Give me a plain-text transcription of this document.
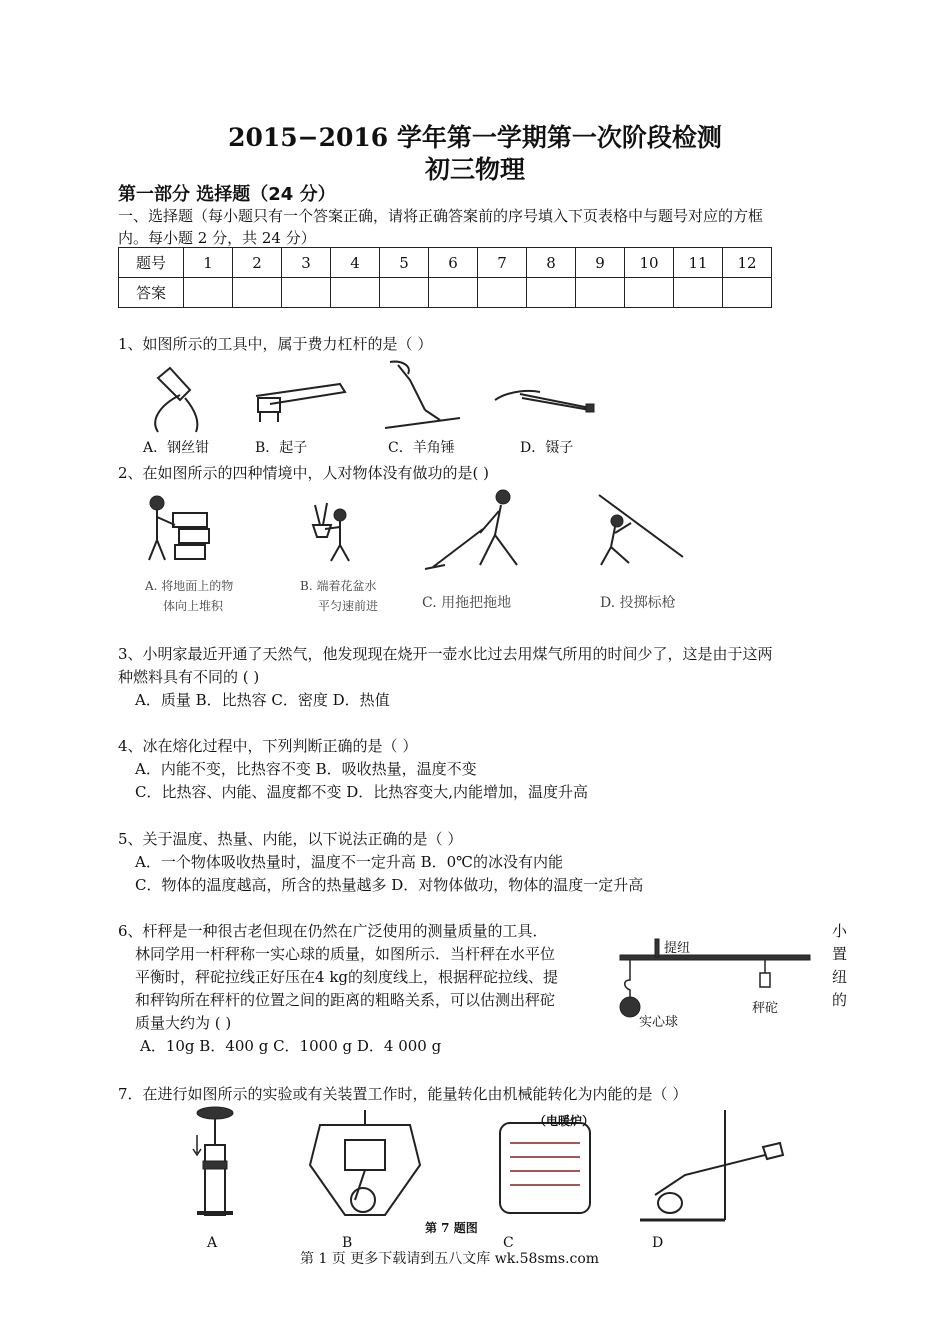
2015−2016 学年第一学期第一次阶段检测
初三物理
第一部分 选择题（24 分）
一、选择题（每小题只有一个答案正确，请将正确答案前的序号填入下页表格中与题号对应的方框
内。每小题 2 分，共 24 分）
题号	1	2	3	4	5	6	7	8	9	10	11	12
答案												
1、如图所示的工具中，属于费力杠杆的是（ ）
A．钢丝钳	B．起子	C．羊角锤	D．镊子
2、在如图所示的四种情境中，人对物体没有做功的是( )
A. 将地面上的物
体向上堆积
B. 端着花盆水
平匀速前进	C. 用拖把拖地	D. 投掷标枪
3、小明家最近开通了天然气，他发现现在烧开一壶水比过去用煤气所用的时间少了，这是由于这两
种燃料具有不同的 ( )
A．质量 B．比热容 C．密度 D．热值
4、冰在熔化过程中，下列判断正确的是（ ）
A．内能不变，比热容不变 B．吸收热量，温度不变
C．比热容、内能、温度都不变 D．比热容变大,内能增加，温度升高
5、关于温度、热量、内能，以下说法正确的是（ ）
A．一个物体吸收热量时，温度不一定升高 B．0℃的冰没有内能
C．物体的温度越高，所含的热量越多 D．对物体做功，物体的温度一定升高
6、杆秤是一种很古老但现在仍然在广泛使用的测量质量的工具．
林同学用一杆秤称一实心球的质量，如图所示．当杆秤在水平位
平衡时，秤砣拉线正好压在4 kg的刻度线上，根据秤砣拉线、提
和秤钩所在秤杆的位置之间的距离的粗略关系，可以估测出秤砣
质量大约为 ( )
小
置
纽
的
A．10g B．400 g C．1000 g D．4 000 g
提纽
实心球
秤砣
7．在进行如图所示的实验或有关装置工作时，能量转化由机械能转化为内能的是（ ）
（电暖炉）
第 7 题图
A	B	C	D
第 1 页 更多下载请到五八文库 wk.58sms.com
